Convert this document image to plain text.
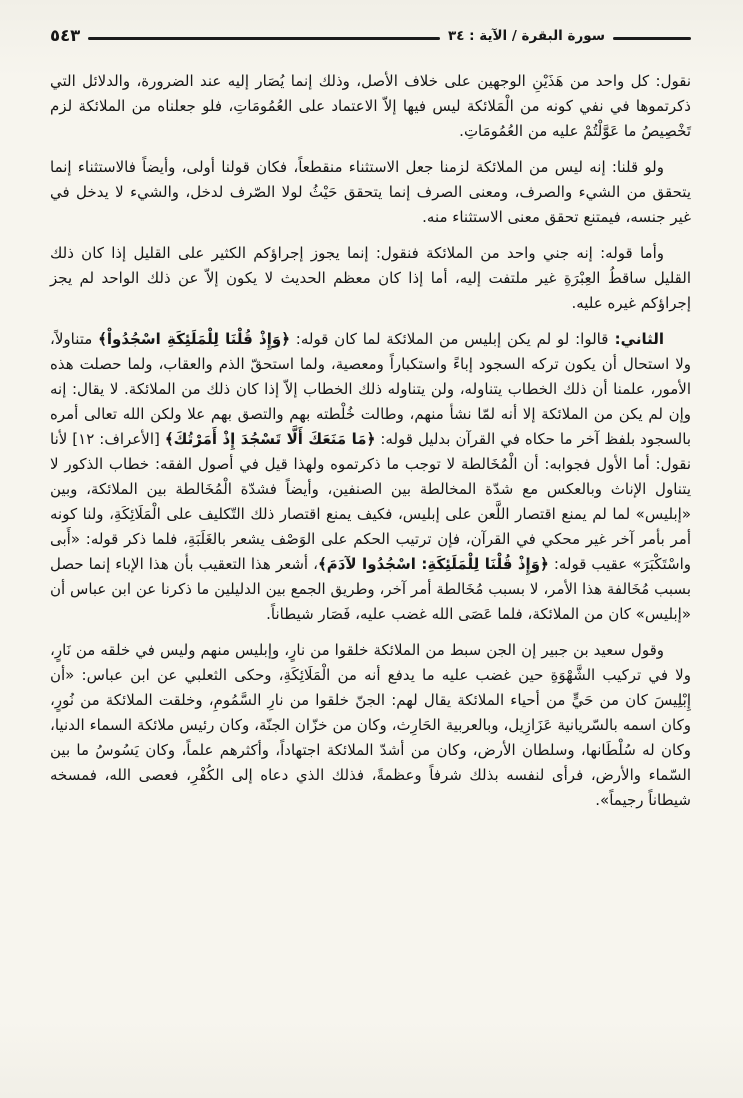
سورة البقرة / الآية : ٣٤
٥٤٣

نقول: كل واحد من هَذَيْنِ الوجهين على خلاف الأصل، وذلك إنما يُصَار إليه عند الضرورة، والدلائل التي ذكرتموها في نفي كونه من الْمَلائكة ليس فيها إلاّ الاعتماد على العُمُومَاتِ، فلو جعلناه من الملائكة لزم تَخْصِيصُ ما عَوَّلْتُمْ عليه من العُمُومَاتِ.

ولو قلنا: إنه ليس من الملائكة لزمنا جعل الاستثناء منقطعاً، فكان قولنا أولى، وأيضاً فالاستثناء إنما يتحقق من الشيء والصرف، ومعنى الصرف إنما يتحقق حَيْثُ لولا الصّرف لدخل، والشيء لا يدخل في غير جنسه، فيمتنع تحقق معنى الاستثناء منه.

وأما قوله: إنه جني واحد من الملائكة فنقول: إنما يجوز إجراؤكم الكثير على القليل إذا كان ذلك القليل ساقطُ العِبْرَةِ غير ملتفت إليه، أما إذا كان معظم الحديث لا يكون إلاّ عن ذلك الواحد لم يجز إجراؤكم غيره عليه.

الثاني: قالوا: لو لم يكن إبليس من الملائكة لما كان قوله: ﴿وَإِذْ قُلْنَا لِلْمَلَئِكَةِ اسْجُدُواْ﴾ متناولاً، ولا استحال أن يكون تركه السجود إباءً واستكباراً ومعصية، ولما استحقّ الذم والعقاب، ولما حصلت هذه الأمور، علمنا أن ذلك الخطاب يتناوله، ولن يتناوله ذلك الخطاب إلاّ إذا كان ذلك من الملائكة. لا يقال: إنه وإن لم يكن من الملائكة إلا أنه لمّا نشأ منهم، وطالت خُلْطته بهم والتصق بهم علا ولكن الله تعالى أمره بالسجود بلفظ آخر ما حكاه في القرآن بدليل قوله: ﴿مَا مَنَعَكَ أَلَّا تَسْجُدَ إِذْ أَمَرْتُكَ﴾ [الأعراف: ١٢] لأنا نقول: أما الأول فجوابه: أن الْمُخَالطة لا توجب ما ذكرتموه ولهذا قيل في أصول الفقه: خطاب الذكور لا يتناول الإناث وبالعكس مع شدّة المخالطة بين الصنفين، وأيضاً فشدّة الْمُخَالطة بين الملائكة، وبين «إبليس» لما لم يمنع اقتصار اللَّعن على إبليس، فكيف يمنع اقتصار ذلك التّكليف على الْمَلَائِكَةِ، ولنا كونه أمر بأمر آخر غير محكي في القرآن، فإن ترتيب الحكم على الوَصْف يشعر بالغَلَبَةِ، فلما ذكر قوله: «أَبى واسْتَكْبَرَ» عقيب قوله: ﴿وَإِذْ قُلْنَا لِلْمَلَئِكَةِ: اسْجُدُوا لآدَمَ﴾، أشعر هذا التعقيب بأن هذا الإباء إنما حصل بسبب مُخَالفة هذا الأمر، لا بسبب مُخَالطة أمر آخر، وطريق الجمع بين الدليلين ما ذكرنا عن ابن عباس أن «إبليس» كان من الملائكة، فلما عَصَى الله غضب عليه، فَصَار شيطاناً.

وقول سعيد بن جبير إن الجن سبط من الملائكة خلقوا من نارٍ، وإبليس منهم وليس في خلقه من نَارٍ، ولا في تركيب الشَّهْوَةِ حين غضب عليه ما يدفع أنه من الْمَلَائِكَةِ، وحكى الثعلبي عن ابن عباس: «أن إِبْلِيسَ كان من حَيٍّ من أحياء الملائكة يقال لهم: الجنّ خلقوا من نارِ السَّمُومِ، وخلقت الملائكة من نُورٍ، وكان اسمه بالسّريانية عَزَازِيل، وبالعربية الحَارِث، وكان من خزّان الجنّة، وكان رئيس ملائكة السماء الدنيا، وكان له سُلْطَانها، وسلطان الأرض، وكان من أشدّ الملائكة اجتهاداً، وأكثرهم علماً، وكان يَسُوسُ ما بين السّماء والأرض، فرأى لنفسه بذلك شرفاً وعظمةً، فذلك الذي دعاه إلى الكُفْرِ، فعصى الله، فمسخه شيطاناً رجيماً».
